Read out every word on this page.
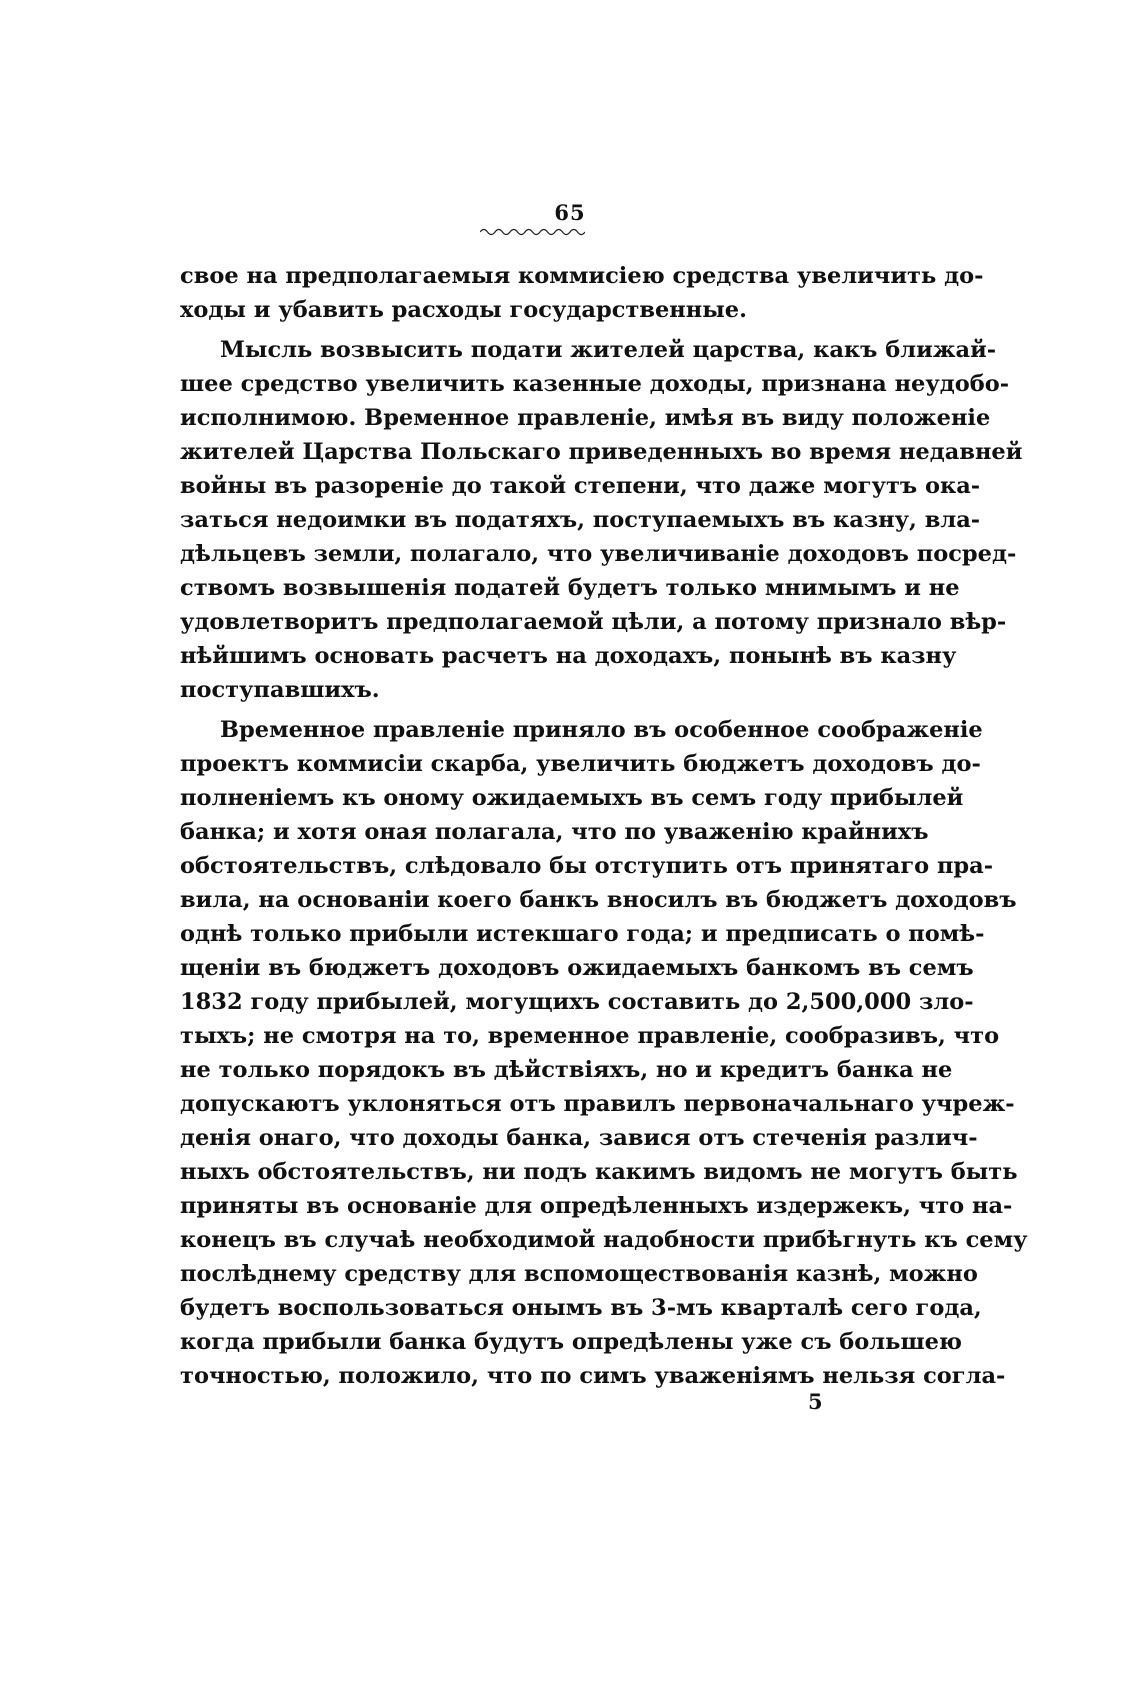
65
свое на предполагаемыя коммисіею средства увеличить до-
ходы и убавить расходы государственные.
Мысль возвысить подати жителей царства, какъ ближай-
шее средство увеличить казенные доходы, признана неудобо-
исполнимою. Временное правленіе, имѣя въ виду положеніе
жителей Царства Польскаго приведенныхъ во время недавней
войны въ разореніе до такой степени, что даже могутъ ока-
заться недоимки въ податяхъ, поступаемыхъ въ казну, вла-
дѣльцевъ земли, полагало, что увеличиваніе доходовъ посред-
ствомъ возвышенія податей будетъ только мнимымъ и не
удовлетворитъ предполагаемой цѣли, а потому признало вѣр-
нѣйшимъ основать расчетъ на доходахъ, понынѣ въ казну
поступавшихъ.
Временное правленіе приняло въ особенное соображеніе
проектъ коммисіи скарба, увеличить бюджетъ доходовъ до-
полненіемъ къ оному ожидаемыхъ въ семъ году прибылей
банка; и хотя оная полагала, что по уваженію крайнихъ
обстоятельствъ, слѣдовало бы отступить отъ принятаго пра-
вила, на основаніи коего банкъ вносилъ въ бюджетъ доходовъ
однѣ только прибыли истекшаго года; и предписать о помѣ-
щеніи въ бюджетъ доходовъ ожидаемыхъ банкомъ въ семъ
1832 году прибылей, могущихъ составить до 2,500,000 зло-
тыхъ; не смотря на то, временное правленіе, сообразивъ, что
не только порядокъ въ дѣйствіяхъ, но и кредитъ банка не
допускаютъ уклоняться отъ правилъ первоначальнаго учреж-
денія онаго, что доходы банка, завися отъ стеченія различ-
ныхъ обстоятельствъ, ни подъ какимъ видомъ не могутъ быть
приняты въ основаніе для опредѣленныхъ издержекъ, что на-
конецъ въ случаѣ необходимой надобности прибѣгнуть къ сему
послѣднему средству для вспомоществованія казнѣ, можно
будетъ воспользоваться онымъ въ 3-мъ кварталѣ сего года,
когда прибыли банка будутъ опредѣлены уже съ большею
точностью, положило, что по симъ уваженіямъ нельзя согла-
5
